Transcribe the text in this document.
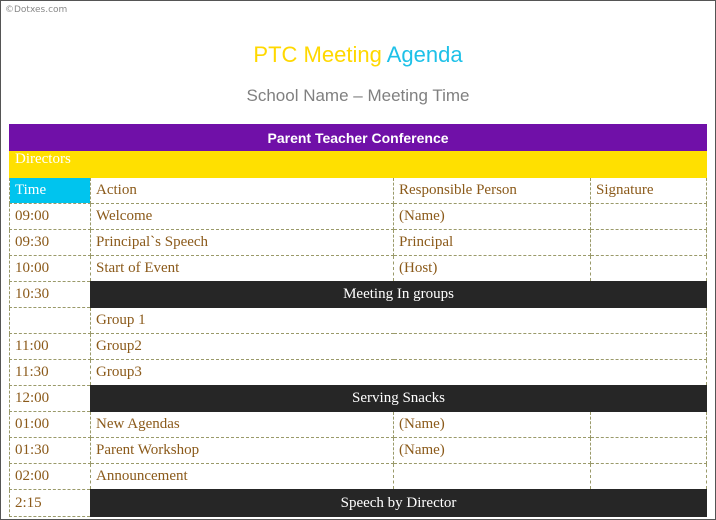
©Dotxes.com
PTC Meeting Agenda
School Name – Meeting Time
Parent Teacher Conference			
Directors			
Time	Action	Responsible Person	Signature
09:00	Welcome	(Name)	
09:30	Principal`s Speech	Principal	
10:00	Start of Event	(Host)	
10:30	Meeting In groups		
	Group 1		
11:00	Group2		
11:30	Group3		
12:00	Serving Snacks		
01:00	New Agendas	(Name)	
01:30	Parent Workshop	(Name)	
02:00	Announcement		
2:15	Speech by Director		
